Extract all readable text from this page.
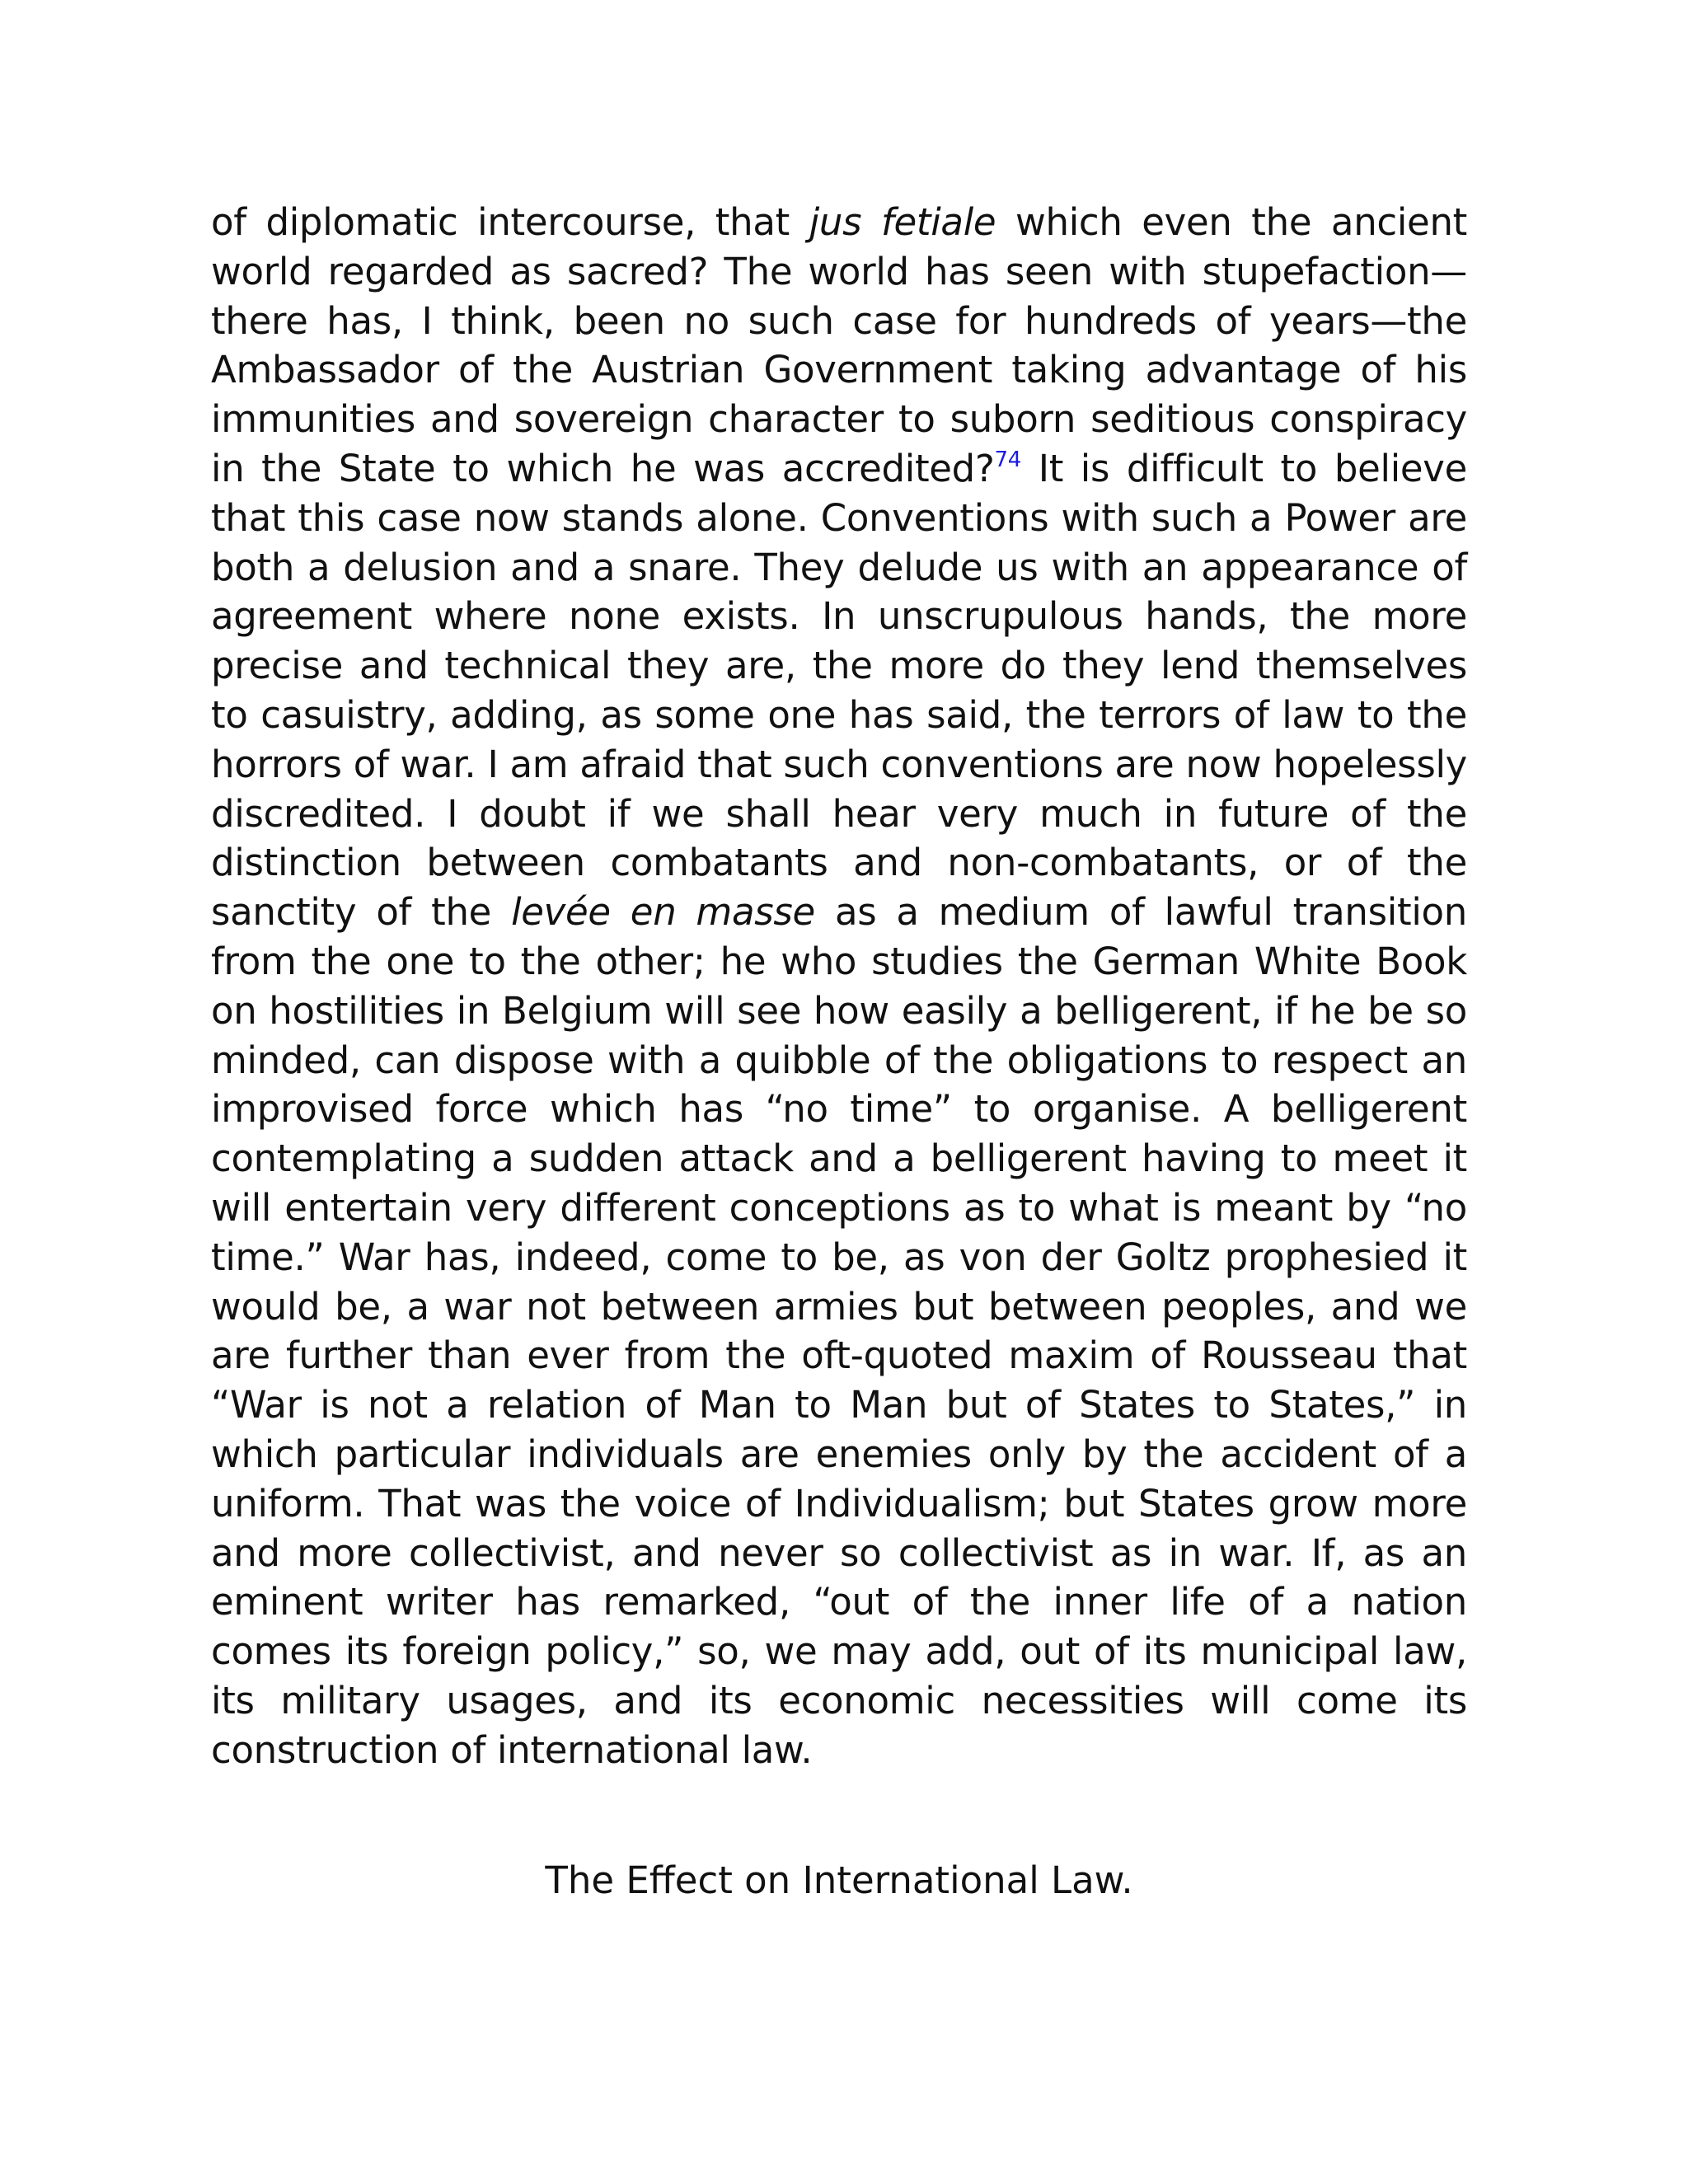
of diplomatic intercourse, that jus fetiale which even the ancient world regarded as sacred? The world has seen with stupefaction—there has, I think, been no such case for hundreds of years—the Ambassador of the Austrian Government taking advantage of his immunities and sovereign character to suborn seditious conspiracy in the State to which he was accredited?$^{74}$ It is difficult to believe that this case now stands alone. Conventions with such a Power are both a delusion and a snare. They delude us with an appearance of agreement where none exists. In unscrupulous hands, the more precise and technical they are, the more do they lend themselves to casuistry, adding, as some one has said, the terrors of law to the horrors of war. I am afraid that such conventions are now hopelessly discredited. I doubt if we shall hear very much in future of the distinction between combatants and non-combatants, or of the sanctity of the levée en masse as a medium of lawful transition from the one to the other; he who studies the German White Book on hostilities in Belgium will see how easily a belligerent, if he be so minded, can dispose with a quibble of the obligations to respect an improvised force which has “no time” to organise. A belligerent contemplating a sudden attack and a belligerent having to meet it will entertain very different conceptions as to what is meant by “no time.” War has, indeed, come to be, as von der Goltz prophesied it would be, a war not between armies but between peoples, and we are further than ever from the oft-quoted maxim of Rousseau that “War is not a relation of Man to Man but of States to States,” in which particular individuals are enemies only by the accident of a uniform. That was the voice of Individualism; but States grow more and more collectivist, and never so collectivist as in war. If, as an eminent writer has remarked, “out of the inner life of a nation comes its foreign policy,” so, we may add, out of its municipal law, its military usages, and its economic necessities will come its construction of international law.

The Effect on International Law.
